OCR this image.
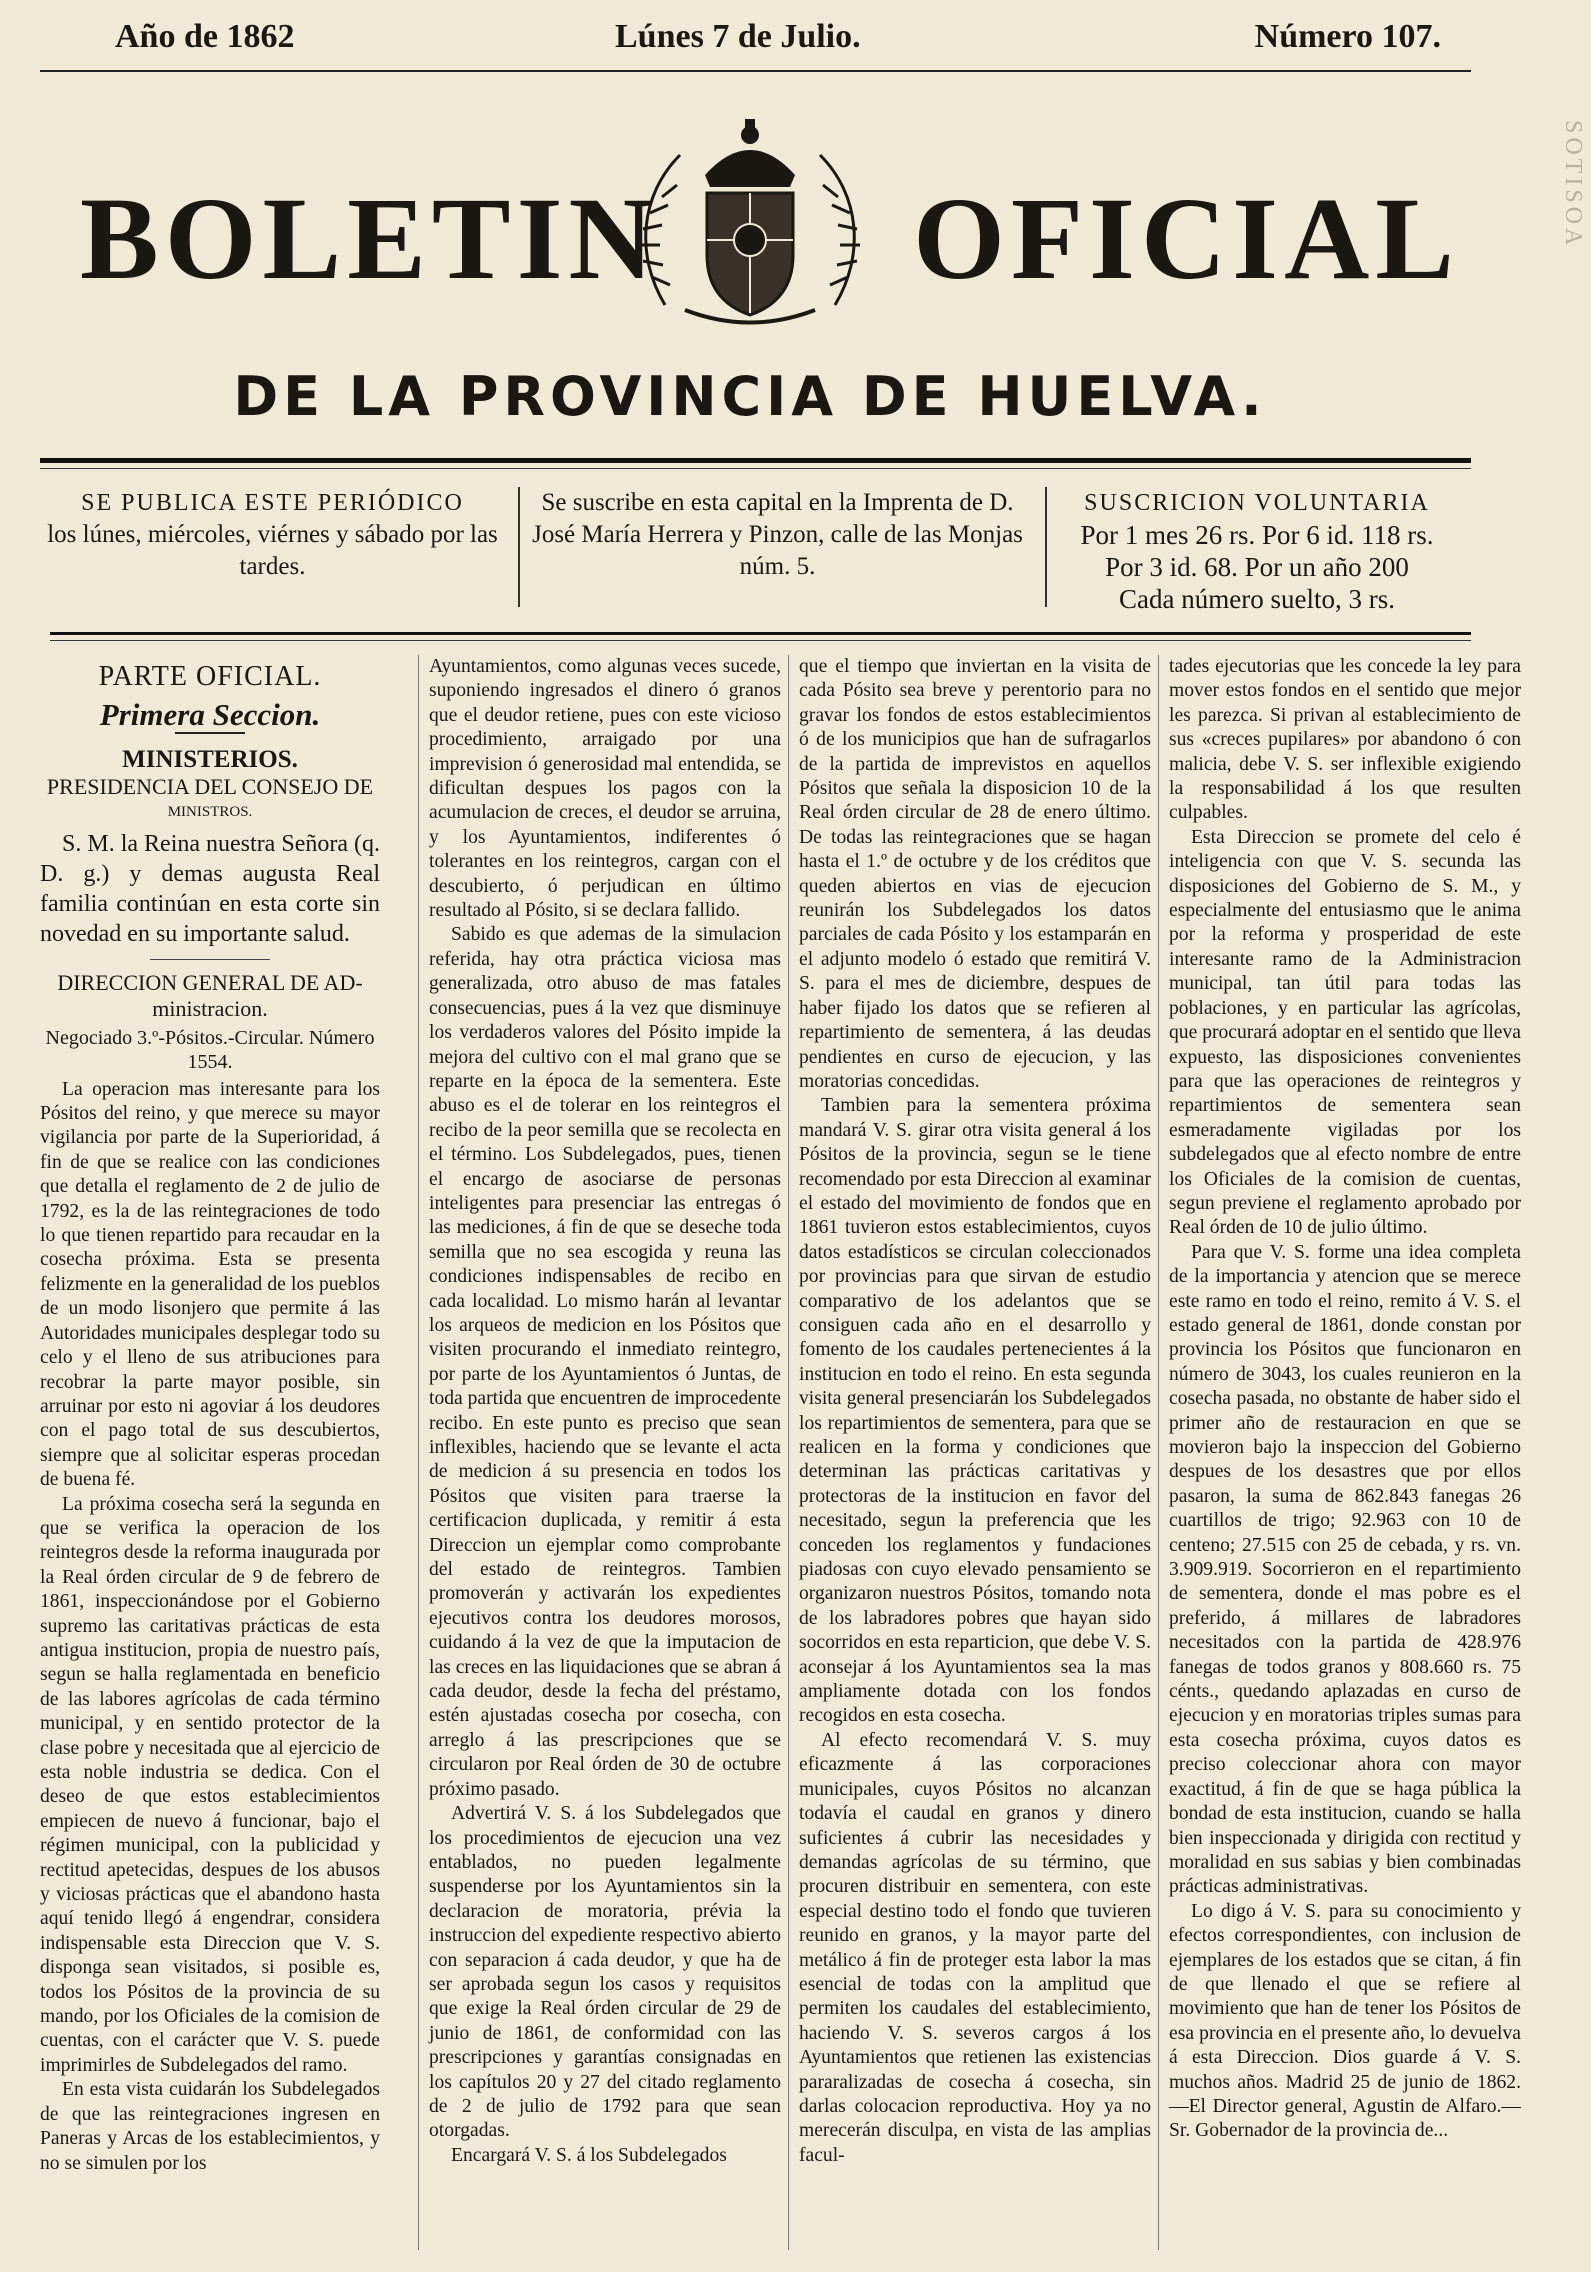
Año de 1862	Lúnes 7 de Julio.	Número 107.
BOLETIN OFICIAL
DE LA PROVINCIA DE HUELVA.
SE PUBLICA ESTE PERIÓDICO
los lúnes, miércoles, viérnes y sábado por las tardes.
Se suscribe en esta capital en la Imprenta de D. José María Herrera y Pinzon, calle de las Monjas núm. 5.
SUSCRICION VOLUNTARIA
Por 1 mes 26 rs. Por 6 id. 118 rs.
Por 3 id. 68. Por un año 200
Cada número suelto, 3 rs.
PARTE OFICIAL.
Primera Seccion.
MINISTERIOS.
PRESIDENCIA DEL CONSEJO DE
MINISTROS.

S. M. la Reina nuestra Señora (q. D. g.) y demas augusta Real familia continúan en esta corte sin novedad en su importante salud.

DIRECCION GENERAL DE AD-ministracion.
Negociado 3.º-Pósitos.-Circular. Número 1554.

La operacion mas interesante para los Pósitos del reino, y que merece su mayor vigilancia por parte de la Superioridad, á fin de que se realice con las condiciones que detalla el reglamento de 2 de julio de 1792, es la de las reintegraciones de todo lo que tienen repartido para recaudar en la cosecha próxima. Esta se presenta felizmente en la generalidad de los pueblos de un modo lisonjero que permite á las Autoridades municipales desplegar todo su celo y el lleno de sus atribuciones para recobrar la parte mayor posible, sin arruinar por esto ni agoviar á los deudores con el pago total de sus descubiertos, siempre que al solicitar esperas procedan de buena fé.

La próxima cosecha será la segunda en que se verifica la operacion de los reintegros desde la reforma inaugurada por la Real órden circular de 9 de febrero de 1861, inspeccionándose por el Gobierno supremo las caritativas prácticas de esta antigua institucion, propia de nuestro país, segun se halla reglamentada en beneficio de las labores agrícolas de cada término municipal, y en sentido protector de la clase pobre y necesitada que al ejercicio de esta noble industria se dedica. Con el deseo de que estos establecimientos empiecen de nuevo á funcionar, bajo el régimen municipal, con la publicidad y rectitud apetecidas, despues de los abusos y viciosas prácticas que el abandono hasta aquí tenido llegó á engendrar, considera indispensable esta Direccion que V. S. disponga sean visitados, si posible es, todos los Pósitos de la provincia de su mando, por los Oficiales de la comision de cuentas, con el carácter que V. S. puede imprimirles de Subdelegados del ramo.

En esta vista cuidarán los Subdelegados de que las reintegraciones ingresen en Paneras y Arcas de los establecimientos, y no se simulen por los

Ayuntamientos, como algunas veces sucede, suponiendo ingresados el dinero ó granos que el deudor retiene, pues con este vicioso procedimiento, arraigado por una imprevision ó generosidad mal entendida, se dificultan despues los pagos con la acumulacion de creces, el deudor se arruina, y los Ayuntamientos, indiferentes ó tolerantes en los reintegros, cargan con el descubierto, ó perjudican en último resultado al Pósito, si se declara fallido.

Sabido es que ademas de la simulacion referida, hay otra práctica viciosa mas generalizada, otro abuso de mas fatales consecuencias, pues á la vez que disminuye los verdaderos valores del Pósito impide la mejora del cultivo con el mal grano que se reparte en la época de la sementera. Este abuso es el de tolerar en los reintegros el recibo de la peor semilla que se recolecta en el término. Los Subdelegados, pues, tienen el encargo de asociarse de personas inteligentes para presenciar las entregas ó las mediciones, á fin de que se deseche toda semilla que no sea escogida y reuna las condiciones indispensables de recibo en cada localidad. Lo mismo harán al levantar los arqueos de medicion en los Pósitos que visiten procurando el inmediato reintegro, por parte de los Ayuntamientos ó Juntas, de toda partida que encuentren de improcedente recibo. En este punto es preciso que sean inflexibles, haciendo que se levante el acta de medicion á su presencia en todos los Pósitos que visiten para traerse la certificacion duplicada, y remitir á esta Direccion un ejemplar como comprobante del estado de reintegros. Tambien promoverán y activarán los expedientes ejecutivos contra los deudores morosos, cuidando á la vez de que la imputacion de las creces en las liquidaciones que se abran á cada deudor, desde la fecha del préstamo, estén ajustadas cosecha por cosecha, con arreglo á las prescripciones que se circularon por Real órden de 30 de octubre próximo pasado.

Advertirá V. S. á los Subdelegados que los procedimientos de ejecucion una vez entablados, no pueden legalmente suspenderse por los Ayuntamientos sin la declaracion de moratoria, prévia la instruccion del expediente respectivo abierto con separacion á cada deudor, y que ha de ser aprobada segun los casos y requisitos que exige la Real órden circular de 29 de junio de 1861, de conformidad con las prescripciones y garantías consignadas en los capítulos 20 y 27 del citado reglamento de 2 de julio de 1792 para que sean otorgadas.

Encargará V. S. á los Subdelegados

que el tiempo que inviertan en la visita de cada Pósito sea breve y perentorio para no gravar los fondos de estos establecimientos ó de los municipios que han de sufragarlos de la partida de imprevistos en aquellos Pósitos que señala la disposicion 10 de la Real órden circular de 28 de enero último. De todas las reintegraciones que se hagan hasta el 1.º de octubre y de los créditos que queden abiertos en vias de ejecucion reunirán los Subdelegados los datos parciales de cada Pósito y los estamparán en el adjunto modelo ó estado que remitirá V. S. para el mes de diciembre, despues de haber fijado los datos que se refieren al repartimiento de sementera, á las deudas pendientes en curso de ejecucion, y las moratorias concedidas.

Tambien para la sementera próxima mandará V. S. girar otra visita general á los Pósitos de la provincia, segun se le tiene recomendado por esta Direccion al examinar el estado del movimiento de fondos que en 1861 tuvieron estos establecimientos, cuyos datos estadísticos se circulan coleccionados por provincias para que sirvan de estudio comparativo de los adelantos que se consiguen cada año en el desarrollo y fomento de los caudales pertenecientes á la institucion en todo el reino. En esta segunda visita general presenciarán los Subdelegados los repartimientos de sementera, para que se realicen en la forma y condiciones que determinan las prácticas caritativas y protectoras de la institucion en favor del necesitado, segun la preferencia que les conceden los reglamentos y fundaciones piadosas con cuyo elevado pensamiento se organizaron nuestros Pósitos, tomando nota de los labradores pobres que hayan sido socorridos en esta reparticion, que debe V. S. aconsejar á los Ayuntamientos sea la mas ampliamente dotada con los fondos recogidos en esta cosecha.

Al efecto recomendará V. S. muy eficazmente á las corporaciones municipales, cuyos Pósitos no alcanzan todavía el caudal en granos y dinero suficientes á cubrir las necesidades y demandas agrícolas de su término, que procuren distribuir en sementera, con este especial destino todo el fondo que tuvieren reunido en granos, y la mayor parte del metálico á fin de proteger esta labor la mas esencial de todas con la amplitud que permiten los caudales del establecimiento, haciendo V. S. severos cargos á los Ayuntamientos que retienen las existencias pararalizadas de cosecha á cosecha, sin darlas colocacion reproductiva. Hoy ya no merecerán disculpa, en vista de las amplias facul-

tades ejecutorias que les concede la ley para mover estos fondos en el sentido que mejor les parezca. Si privan al establecimiento de sus «creces pupilares» por abandono ó con malicia, debe V. S. ser inflexible exigiendo la responsabilidad á los que resulten culpables.

Esta Direccion se promete del celo é inteligencia con que V. S. secunda las disposiciones del Gobierno de S. M., y especialmente del entusiasmo que le anima por la reforma y prosperidad de este interesante ramo de la Administracion municipal, tan útil para todas las poblaciones, y en particular las agrícolas, que procurará adoptar en el sentido que lleva expuesto, las disposiciones convenientes para que las operaciones de reintegros y repartimientos de sementera sean esmeradamente vigiladas por los subdelegados que al efecto nombre de entre los Oficiales de la comision de cuentas, segun previene el reglamento aprobado por Real órden de 10 de julio último.

Para que V. S. forme una idea completa de la importancia y atencion que se merece este ramo en todo el reino, remito á V. S. el estado general de 1861, donde constan por provincia los Pósitos que funcionaron en número de 3043, los cuales reunieron en la cosecha pasada, no obstante de haber sido el primer año de restauracion en que se movieron bajo la inspeccion del Gobierno despues de los desastres que por ellos pasaron, la suma de 862.843 fanegas 26 cuartillos de trigo; 92.963 con 10 de centeno; 27.515 con 25 de cebada, y rs. vn. 3.909.919. Socorrieron en el repartimiento de sementera, donde el mas pobre es el preferido, á millares de labradores necesitados con la partida de 428.976 fanegas de todos granos y 808.660 rs. 75 cénts., quedando aplazadas en curso de ejecucion y en moratorias triples sumas para esta cosecha próxima, cuyos datos es preciso coleccionar ahora con mayor exactitud, á fin de que se haga pública la bondad de esta institucion, cuando se halla bien inspeccionada y dirigida con rectitud y moralidad en sus sabias y bien combinadas prácticas administrativas.

Lo digo á V. S. para su conocimiento y efectos correspondientes, con inclusion de ejemplares de los estados que se citan, á fin de que llenado el que se refiere al movimiento que han de tener los Pósitos de esa provincia en el presente año, lo devuelva á esta Direccion. Dios guarde á V. S. muchos años. Madrid 25 de junio de 1862.—El Director general, Agustin de Alfaro.—Sr. Gobernador de la provincia de...

SOTISOA
